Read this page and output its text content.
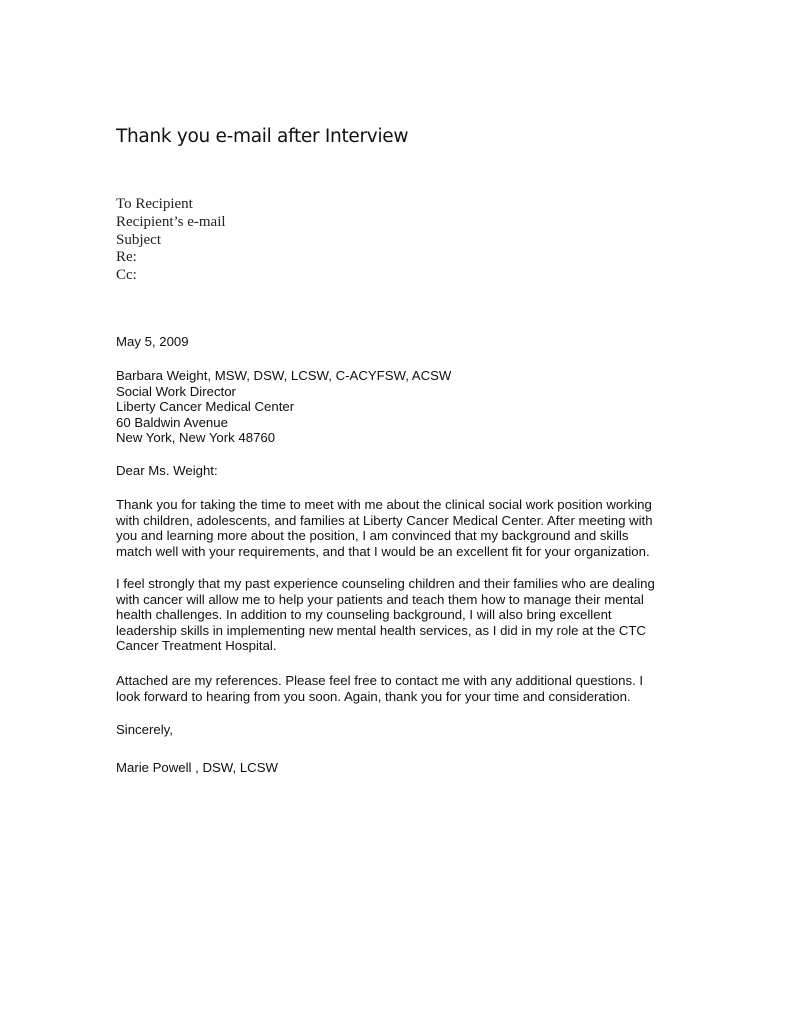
Thank you e-mail after Interview
To Recipient
Recipient’s e-mail
Subject
Re:
Cc:
May 5, 2009
Barbara Weight, MSW, DSW, LCSW, C-ACYFSW, ACSW
Social Work Director
Liberty Cancer Medical Center
60 Baldwin Avenue
New York, New York 48760
Dear Ms. Weight:
Thank you for taking the time to meet with me about the clinical social work position working
with children, adolescents, and families at Liberty Cancer Medical Center. After meeting with
you and learning more about the position, I am convinced that my background and skills
match well with your requirements, and that I would be an excellent fit for your organization.
I feel strongly that my past experience counseling children and their families who are dealing
with cancer will allow me to help your patients and teach them how to manage their mental
health challenges. In addition to my counseling background, I will also bring excellent
leadership skills in implementing new mental health services, as I did in my role at the CTC
Cancer Treatment Hospital.
Attached are my references. Please feel free to contact me with any additional questions. I
look forward to hearing from you soon. Again, thank you for your time and consideration.
Sincerely,
Marie Powell , DSW, LCSW
